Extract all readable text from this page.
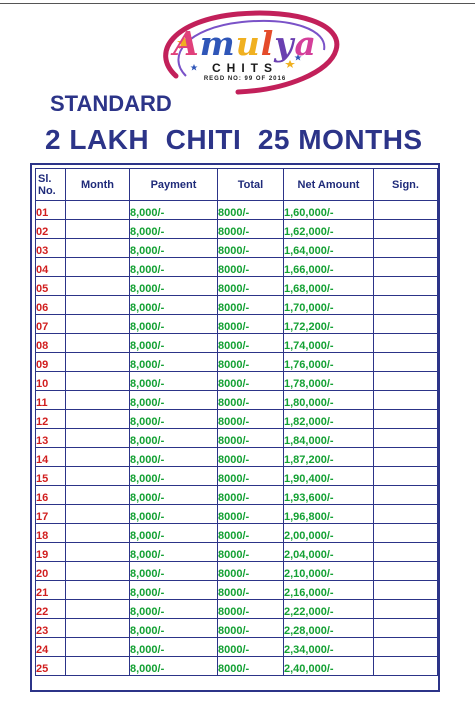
Amulya
CHITS
REGD NO: 99 OF 2016
STANDARD
2 LAKH  CHITI  25 MONTHS
Sl.
No.	Month	Payment	Total	Net Amount	Sign.
01		8,000/-	8000/-	1,60,000/-	
02		8,000/-	8000/-	1,62,000/-	
03		8,000/-	8000/-	1,64,000/-	
04		8,000/-	8000/-	1,66,000/-	
05		8,000/-	8000/-	1,68,000/-	
06		8,000/-	8000/-	1,70,000/-	
07		8,000/-	8000/-	1,72,200/-	
08		8,000/-	8000/-	1,74,000/-	
09		8,000/-	8000/-	1,76,000/-	
10		8,000/-	8000/-	1,78,000/-	
11		8,000/-	8000/-	1,80,000/-	
12		8,000/-	8000/-	1,82,000/-	
13		8,000/-	8000/-	1,84,000/-	
14		8,000/-	8000/-	1,87,200/-	
15		8,000/-	8000/-	1,90,400/-	
16		8,000/-	8000/-	1,93,600/-	
17		8,000/-	8000/-	1,96,800/-	
18		8,000/-	8000/-	2,00,000/-	
19		8,000/-	8000/-	2,04,000/-	
20		8,000/-	8000/-	2,10,000/-	
21		8,000/-	8000/-	2,16,000/-	
22		8,000/-	8000/-	2,22,000/-	
23		8,000/-	8000/-	2,28,000/-	
24		8,000/-	8000/-	2,34,000/-	
25		8,000/-	8000/-	2,40,000/-	
